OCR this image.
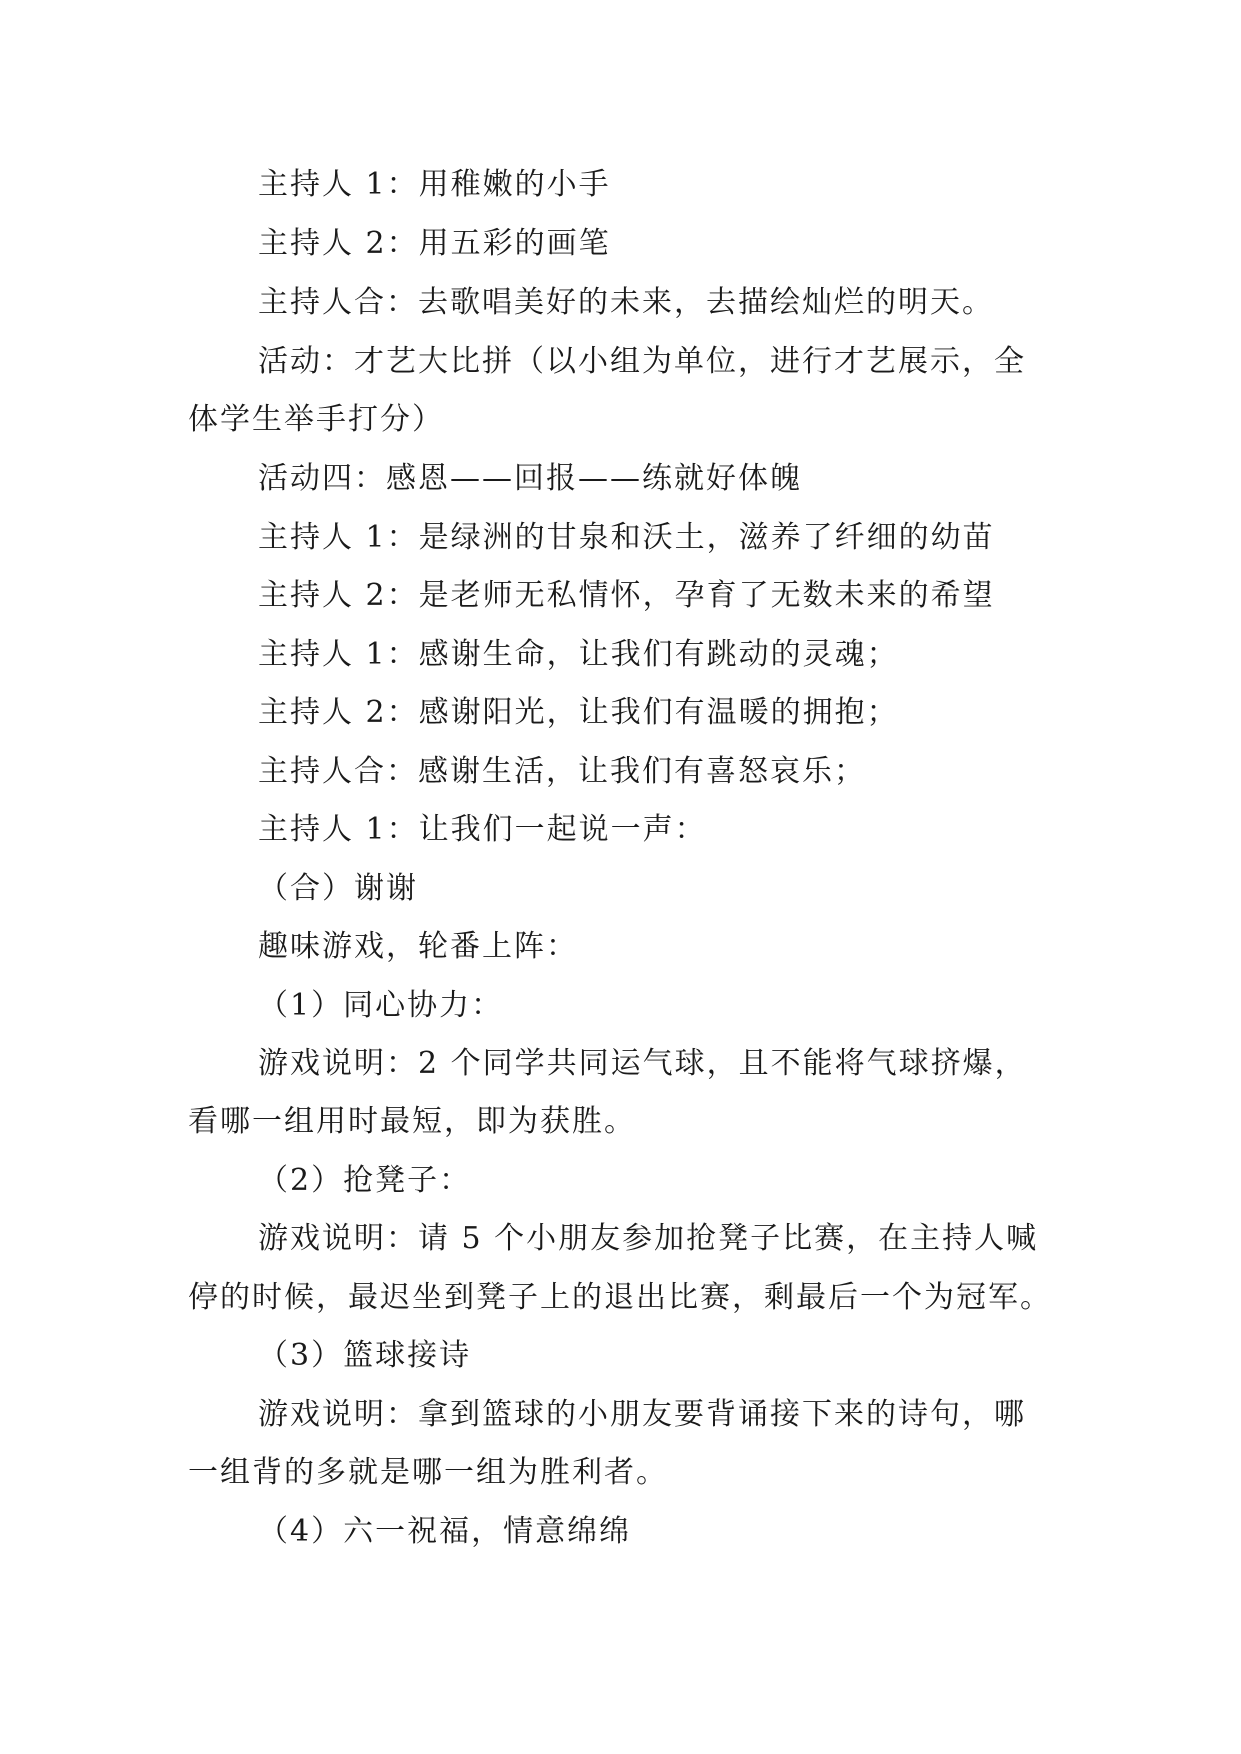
主持人 1：用稚嫩的小手
主持人 2：用五彩的画笔
主持人合：去歌唱美好的未来，去描绘灿烂的明天。
活动：才艺大比拼（以小组为单位，进行才艺展示，全
体学生举手打分）
活动四：感恩——回报——练就好体魄
主持人 1：是绿洲的甘泉和沃土，滋养了纤细的幼苗
主持人 2：是老师无私情怀，孕育了无数未来的希望
主持人 1：感谢生命，让我们有跳动的灵魂；
主持人 2：感谢阳光，让我们有温暖的拥抱；
主持人合：感谢生活，让我们有喜怒哀乐；
主持人 1：让我们一起说一声：
（合）谢谢
趣味游戏，轮番上阵：
（1）同心协力：
游戏说明：2 个同学共同运气球，且不能将气球挤爆，
看哪一组用时最短，即为获胜。
（2）抢凳子：
游戏说明：请 5 个小朋友参加抢凳子比赛，在主持人喊
停的时候，最迟坐到凳子上的退出比赛，剩最后一个为冠军。
（3）篮球接诗
游戏说明：拿到篮球的小朋友要背诵接下来的诗句，哪
一组背的多就是哪一组为胜利者。
（4）六一祝福，情意绵绵
